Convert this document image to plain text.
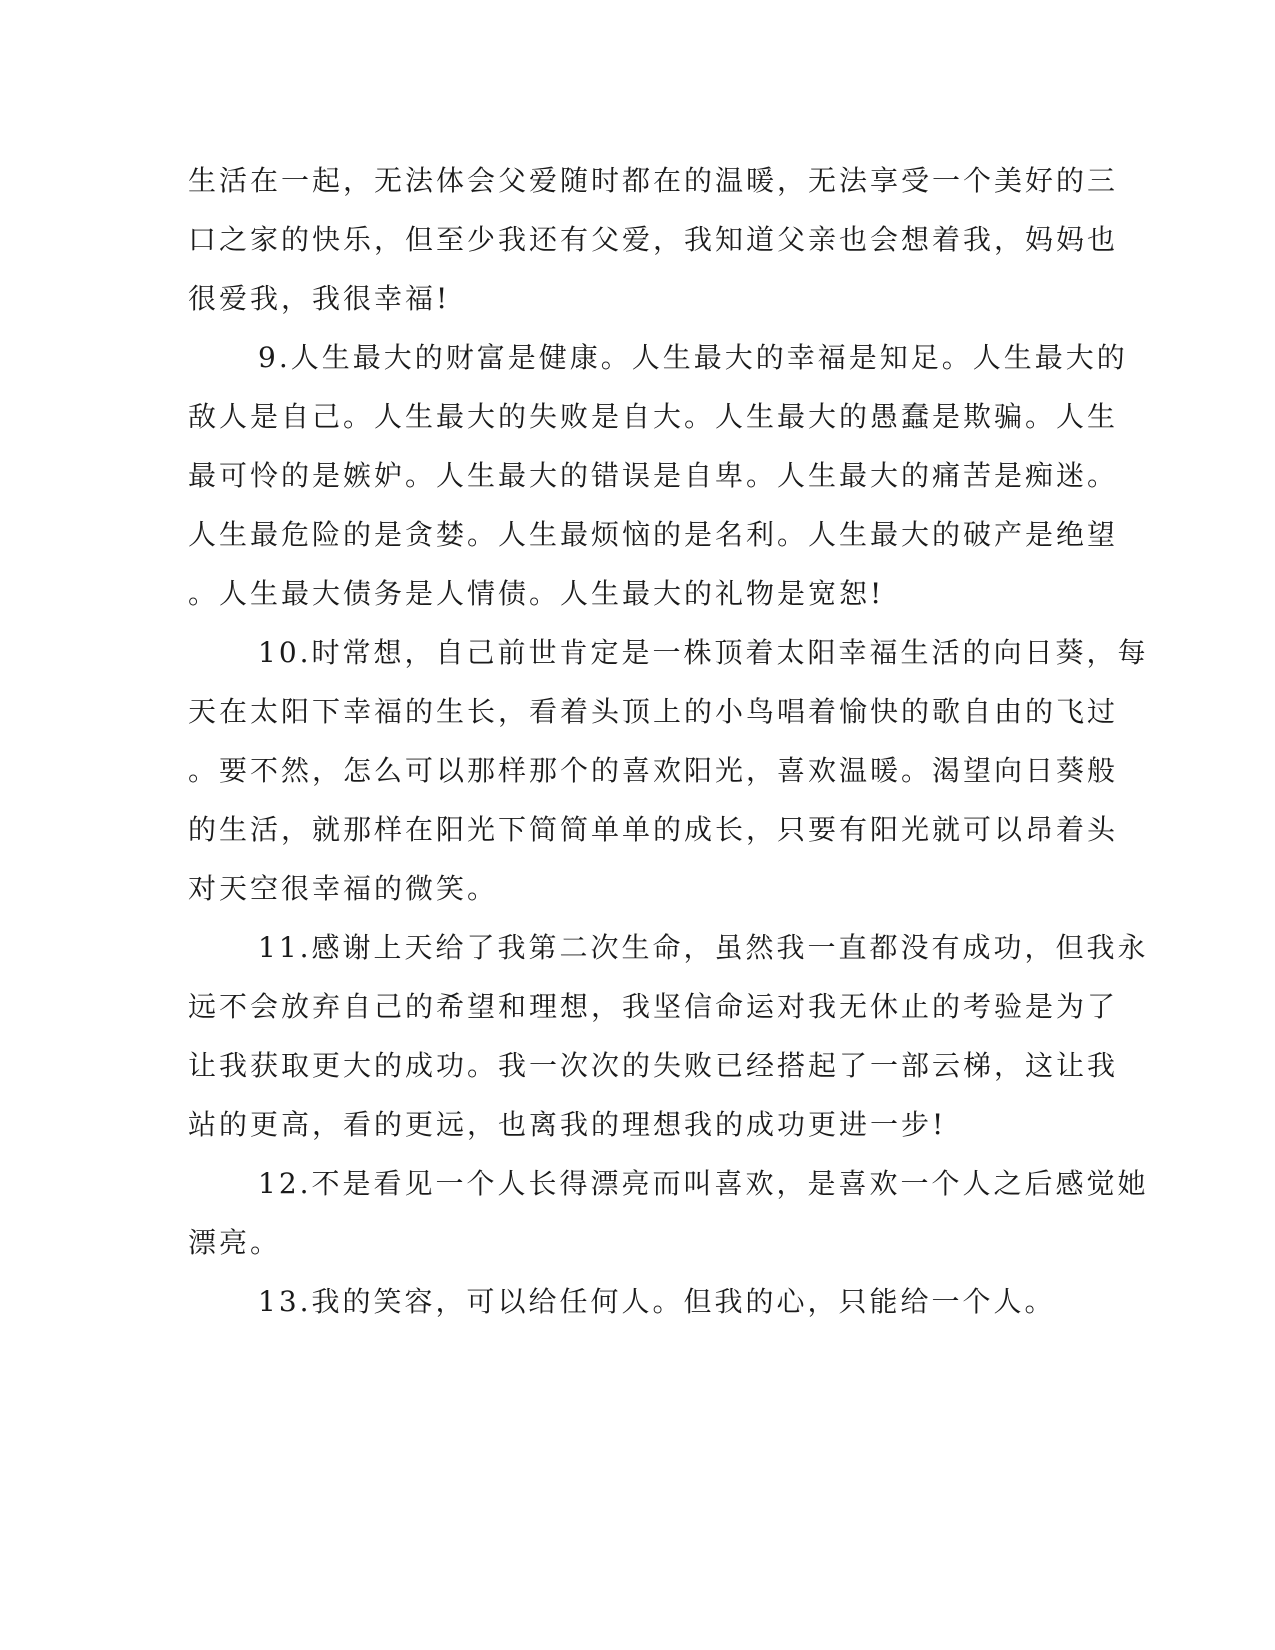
生活在一起，无法体会父爱随时都在的温暖，无法享受一个美好的三
口之家的快乐，但至少我还有父爱，我知道父亲也会想着我，妈妈也
很爱我，我很幸福!
9.人生最大的财富是健康。人生最大的幸福是知足。人生最大的
敌人是自己。人生最大的失败是自大。人生最大的愚蠢是欺骗。人生
最可怜的是嫉妒。人生最大的错误是自卑。人生最大的痛苦是痴迷。
人生最危险的是贪婪。人生最烦恼的是名利。人生最大的破产是绝望
。人生最大债务是人情债。人生最大的礼物是宽恕!
10.时常想，自己前世肯定是一株顶着太阳幸福生活的向日葵，每
天在太阳下幸福的生长，看着头顶上的小鸟唱着愉快的歌自由的飞过
。要不然，怎么可以那样那个的喜欢阳光，喜欢温暖。渴望向日葵般
的生活，就那样在阳光下简简单单的成长，只要有阳光就可以昂着头
对天空很幸福的微笑。
11.感谢上天给了我第二次生命，虽然我一直都没有成功，但我永
远不会放弃自己的希望和理想，我坚信命运对我无休止的考验是为了
让我获取更大的成功。我一次次的失败已经搭起了一部云梯，这让我
站的更高，看的更远，也离我的理想我的成功更进一步!
12.不是看见一个人长得漂亮而叫喜欢，是喜欢一个人之后感觉她
漂亮。
13.我的笑容，可以给任何人。但我的心，只能给一个人。
